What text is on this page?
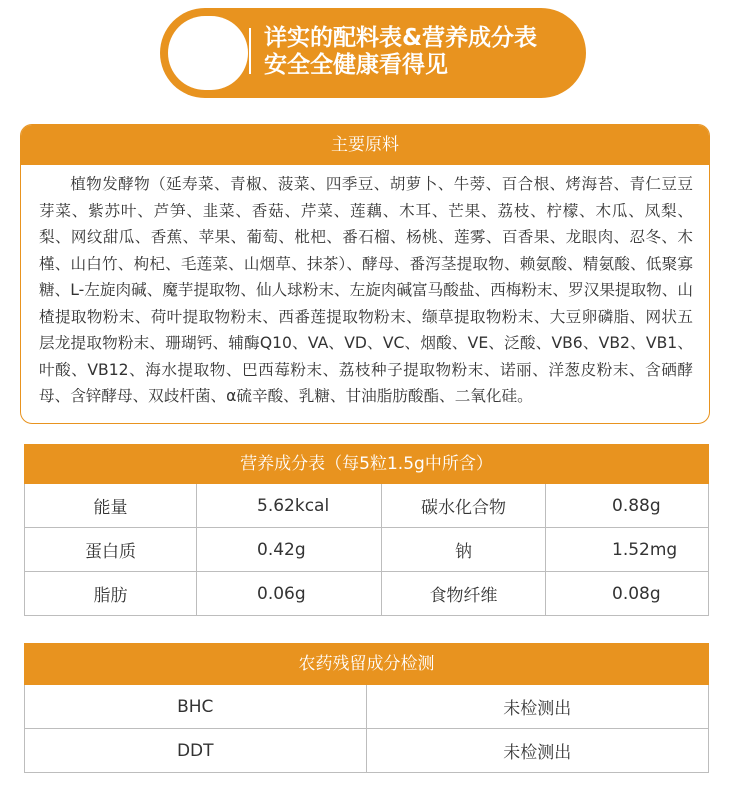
04 详实的配料表&营养成分表
安全全健康看得见
主要原料
植物发酵物（延寿菜、青椒、菠菜、四季豆、胡萝卜、牛蒡、百合根、烤海苔、青仁豆豆芽菜、紫苏叶、芦笋、韭菜、香菇、芹菜、莲藕、木耳、芒果、荔枝、柠檬、木瓜、凤梨、梨、网纹甜瓜、香蕉、苹果、葡萄、枇杷、番石榴、杨桃、莲雾、百香果、龙眼肉、忍冬、木槿、山白竹、枸杞、毛莲菜、山烟草、抹茶）、酵母、番泻茎提取物、赖氨酸、精氨酸、低聚寡糖、L-左旋肉碱、魔芋提取物、仙人球粉末、左旋肉碱富马酸盐、西梅粉末、罗汉果提取物、山楂提取物粉末、荷叶提取物粉末、西番莲提取物粉末、缬草提取物粉末、大豆卵磷脂、网状五层龙提取物粉末、珊瑚钙、辅酶Q10、VA、VD、VC、烟酸、VE、泛酸、VB6、VB2、VB1、叶酸、VB12、海水提取物、巴西莓粉末、荔枝种子提取物粉末、诺丽、洋葱皮粉末、含硒酵母、含锌酵母、双歧杆菌、α硫辛酸、乳糖、甘油脂肪酸酯、二氧化硅。
营养成分表（每5粒1.5g中所含）
能量	5.62kcal	碳水化合物	0.88g
蛋白质	0.42g	钠	1.52mg
脂肪	0.06g	食物纤维	0.08g
农药残留成分检测
BHC	未检测出
DDT	未检测出
